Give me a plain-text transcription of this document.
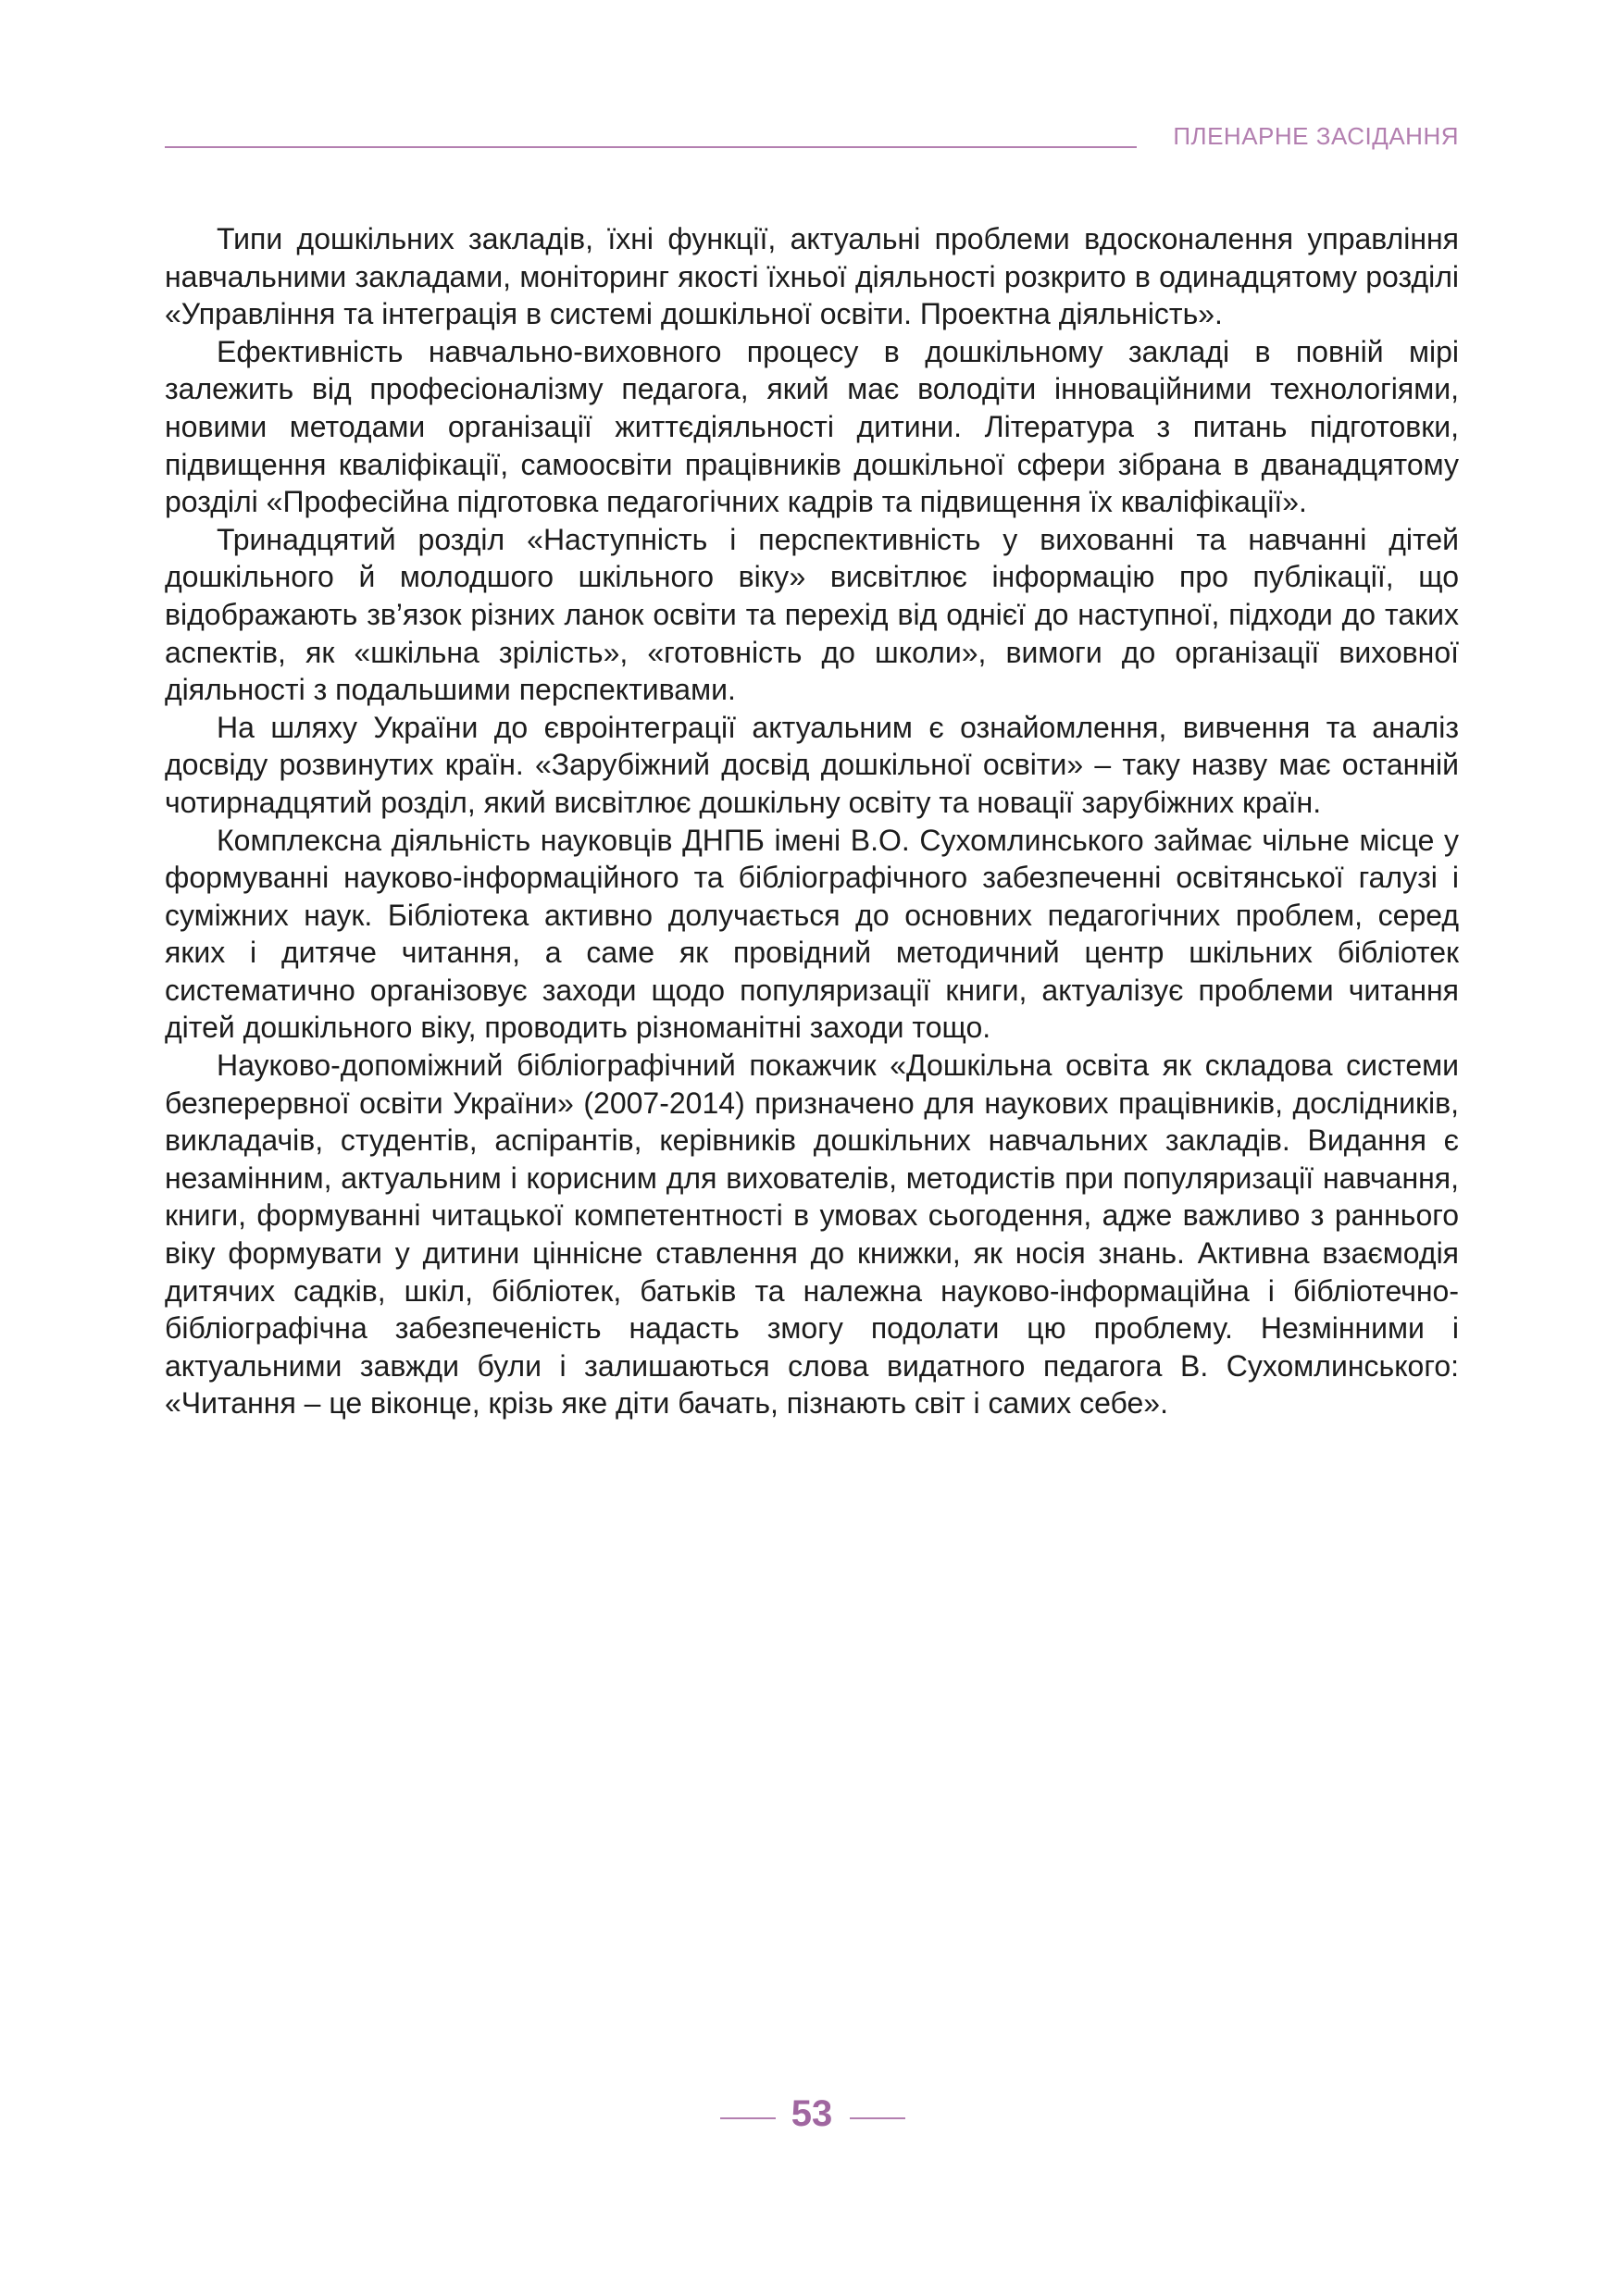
ПЛЕНАРНЕ ЗАСІДАННЯ

Типи дошкільних закладів, їхні функції, актуальні проблеми вдосконалення управління навчальними закладами, моніторинг якості їхньої діяльності розкрито в одинадцятому розділі «Управління та інтеграція в системі дошкільної освіти. Проектна діяльність».

Ефективність навчально-виховного процесу в дошкільному закладі в повній мірі залежить від професіоналізму педагога, який має володіти інноваційними технологіями, новими методами організації життєдіяльності дитини. Література з питань підготовки, підвищення кваліфікації, самоосвіти працівників дошкільної сфери зібрана в дванадцятому розділі «Професійна підготовка педагогічних кадрів та підвищення їх кваліфікації».

Тринадцятий розділ «Наступність і перспективність у вихованні та навчанні дітей дошкільного й молодшого шкільного віку» висвітлює інформацію про публікації, що відображають зв’язок різних ланок освіти та перехід від однієї до наступної, підходи до таких аспектів, як «шкільна зрілість», «готовність до школи», вимоги до організації виховної діяльності з подальшими перспективами.

На шляху України до євроінтеграції актуальним є ознайомлення, вивчення та аналіз досвіду розвинутих країн. «Зарубіжний досвід дошкільної освіти» – таку назву має останній чотирнадцятий розділ, який висвітлює дошкільну освіту та новації зарубіжних країн.

Комплексна діяльність науковців ДНПБ імені В.О. Сухомлинського займає чільне місце у формуванні науково-інформаційного та бібліографічного забезпеченні освітянської галузі і суміжних наук. Бібліотека активно долучається до основних педагогічних проблем, серед яких і дитяче читання, а саме як провідний методичний центр шкільних бібліотек систематично організовує заходи щодо популяризації книги, актуалізує проблеми читання дітей дошкільного віку, проводить різноманітні заходи тощо.

Науково-допоміжний бібліографічний покажчик «Дошкільна освіта як складова системи безперервної освіти України» (2007-2014) призначено для наукових працівників, дослідників, викладачів, студентів, аспірантів, керівників дошкільних навчальних закладів. Видання є незамінним, актуальним і корисним для вихователів, методистів при популяризації навчання, книги, формуванні читацької компетентності в умовах сьогодення, адже важливо з раннього віку формувати у дитини ціннісне ставлення до книжки, як носія знань. Активна взаємодія дитячих садків, шкіл, бібліотек, батьків та належна науково-інформаційна і бібліотечно-бібліографічна забезпеченість надасть змогу подолати цю проблему. Незмінними і актуальними завжди були і залишаються слова видатного педагога В. Сухомлинського: «Читання – це віконце, крізь яке діти бачать, пізнають світ і самих себе».

53
